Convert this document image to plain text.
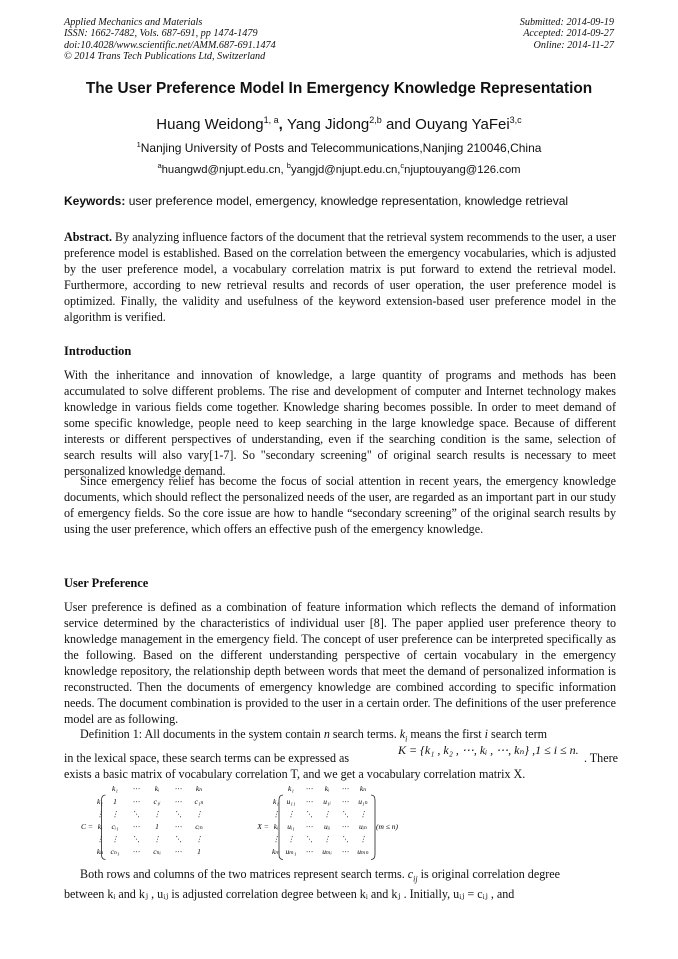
Applied Mechanics and Materials
ISSN: 1662-7482, Vols. 687-691, pp 1474-1479
doi:10.4028/www.scientific.net/AMM.687-691.1474
© 2014 Trans Tech Publications Ltd, Switzerland
Submitted: 2014-09-19
Accepted: 2014-09-27
Online: 2014-11-27
The User Preference Model In Emergency Knowledge Representation
Huang Weidong$^{1, a}$, Yang Jidong$^{2,b}$ and Ouyang YaFei$^{3,c}$
$^1$Nanjing University of Posts and Telecommunications,Nanjing 210046,China
$^a$huangwd@njupt.edu.cn, $^b$yangjd@njupt.edu.cn,$^c$njuptouyang@126.com
Keywords: user preference model, emergency, knowledge representation, knowledge retrieval
Abstract. By analyzing influence factors of the document that the retrieval system recommends to the user, a user preference model is established. Based on the correlation between the emergency vocabularies, which is adjusted by the user preference model, a vocabulary correlation matrix is put forward to extend the retrieval model. Furthermore, according to new retrieval results and records of user operation, the user preference model is optimized. Finally, the validity and usefulness of the keyword extension-based user preference model in the algorithm is verified.
Introduction
With the inheritance and innovation of knowledge, a large quantity of programs and methods has been accumulated to solve different problems. The rise and development of computer and Internet technology makes knowledge in various fields come together. Knowledge sharing becomes possible. In order to meet demand of some specific knowledge, people need to keep searching in the large knowledge space. Because of different interests or different perspectives of understanding, even if the searching condition is the same, selection of search results will also vary[1-7]. So "secondary screening" of original search results is necessary to meet personalized knowledge demand.
Since emergency relief has become the focus of social attention in recent years, the emergency knowledge documents, which should reflect the personalized needs of the user, are regarded as an important part in our study of emergency fields. So the core issue are how to handle “secondary screening” of the original search results by using the user preference, which offers an effective push of the emergency knowledge.
User Preference
User preference is defined as a combination of feature information which reflects the demand of information service determined by the characteristics of individual user [8]. The paper applied user preference theory to knowledge management in the emergency field. The concept of user preference can be interpreted specifically as the following. Based on the different understanding perspective of certain vocabulary in the emergency knowledge repository, the relationship depth between words that meet the demand of personalized information is reconstructed. Then the documents of emergency knowledge are combined according to specific information needs. The document combination is provided to the user in a certain order. The definitions of the user preference model are as following.
Definition 1: All documents in the system contain n search terms. $k_i$ means the first i search term
in the lexical space, these search terms can be expressed as
K = {k₁ , k₂ , ⋯, kᵢ , ⋯, kₙ} ,1 ≤ i ≤ n.
. There
exists a basic matrix of vocabulary correlation T, and we get a vocabulary correlation matrix X.
k₁ ⋯ kᵢ ⋯ kₙ
k₁
⋮
kᵢ
⋮
kₙ
1 ⋯ c₁ᵢ ⋯ c₁ₙ
⋮ ⋱ ⋮ ⋱ ⋮
cᵢ₁ ⋯ 1 ⋯ cᵢₙ
⋮ ⋱ ⋮ ⋱ ⋮
cₙ₁ ⋯ cₙᵢ ⋯ 1
C =
k₁ ⋯ kᵢ ⋯ kₙ
k₁
⋮
kᵢ
⋮
kₘ
u₁₁ ⋯ u₁ᵢ ⋯ u₁ₙ
⋮ ⋱ ⋮ ⋱ ⋮
uᵢ₁ ⋯ uᵢᵢ ⋯ uᵢₙ
⋮ ⋱ ⋮ ⋱ ⋮
uₘ₁ ⋯ uₘᵢ ⋯ uₘₙ
X =	(m ≤ n)
Both rows and columns of the two matrices represent search terms. $c_{ij}$ is original correlation degree
between kᵢ and kⱼ , uᵢⱼ is adjusted correlation degree between kᵢ and kⱼ . Initially, uᵢⱼ = cᵢⱼ , and
